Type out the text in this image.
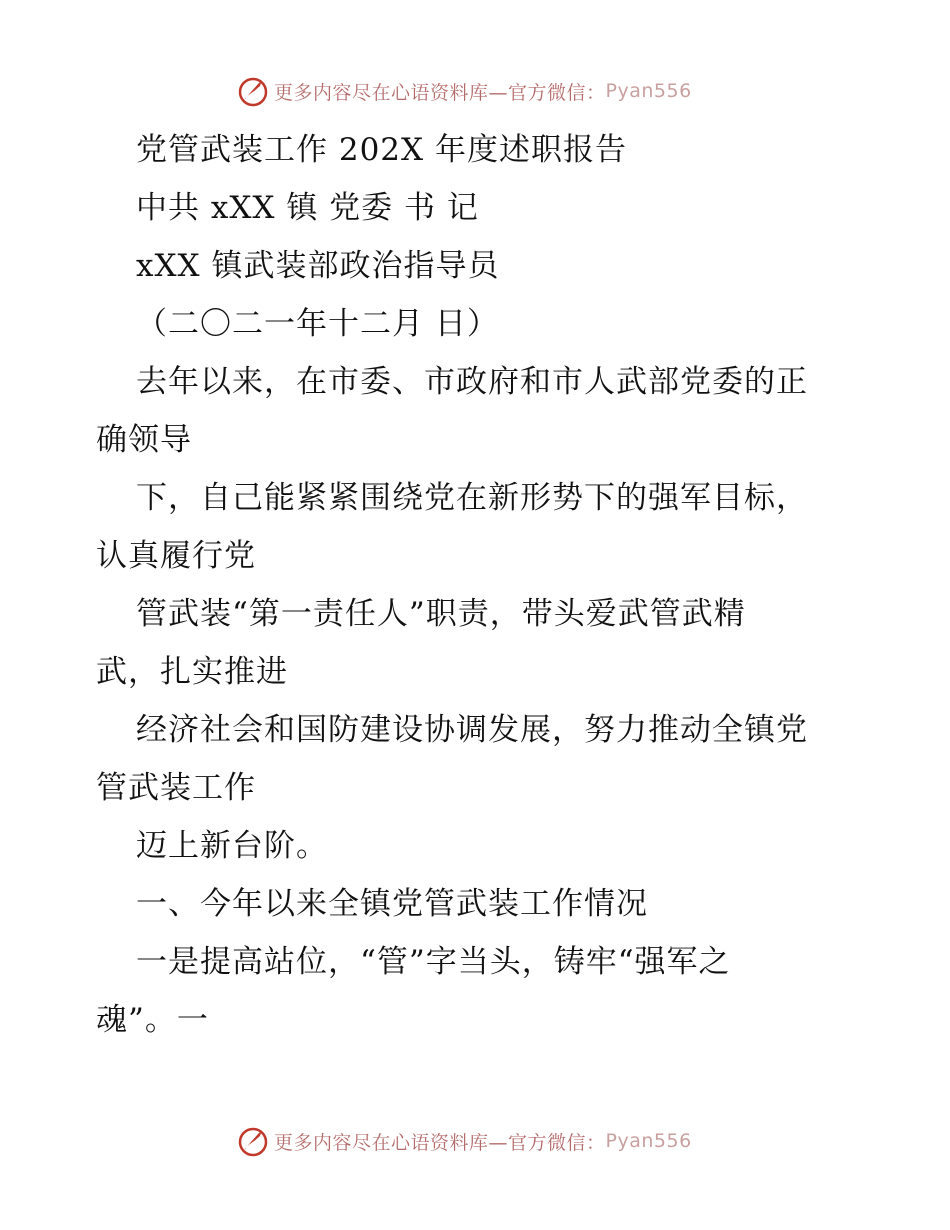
更多内容尽在心语资料库—官方微信： Pyan556
党管武装工作 202X 年度述职报告
中共 xXX 镇 党委 书 记
xXX 镇武装部政治指导员
（二〇二一年十二月 日）
去年以来，在市委、市政府和市人武部党委的正
确领导
下，自己能紧紧围绕党在新形势下的强军目标，
认真履行党
管武装“第一责任人”职责，带头爱武管武精
武，扎实推进
经济社会和国防建设协调发展，努力推动全镇党
管武装工作
迈上新台阶。
一、今年以来全镇党管武装工作情况
一是提高站位，“管”字当头，铸牢“强军之
魂”。一
更多内容尽在心语资料库—官方微信： Pyan556
